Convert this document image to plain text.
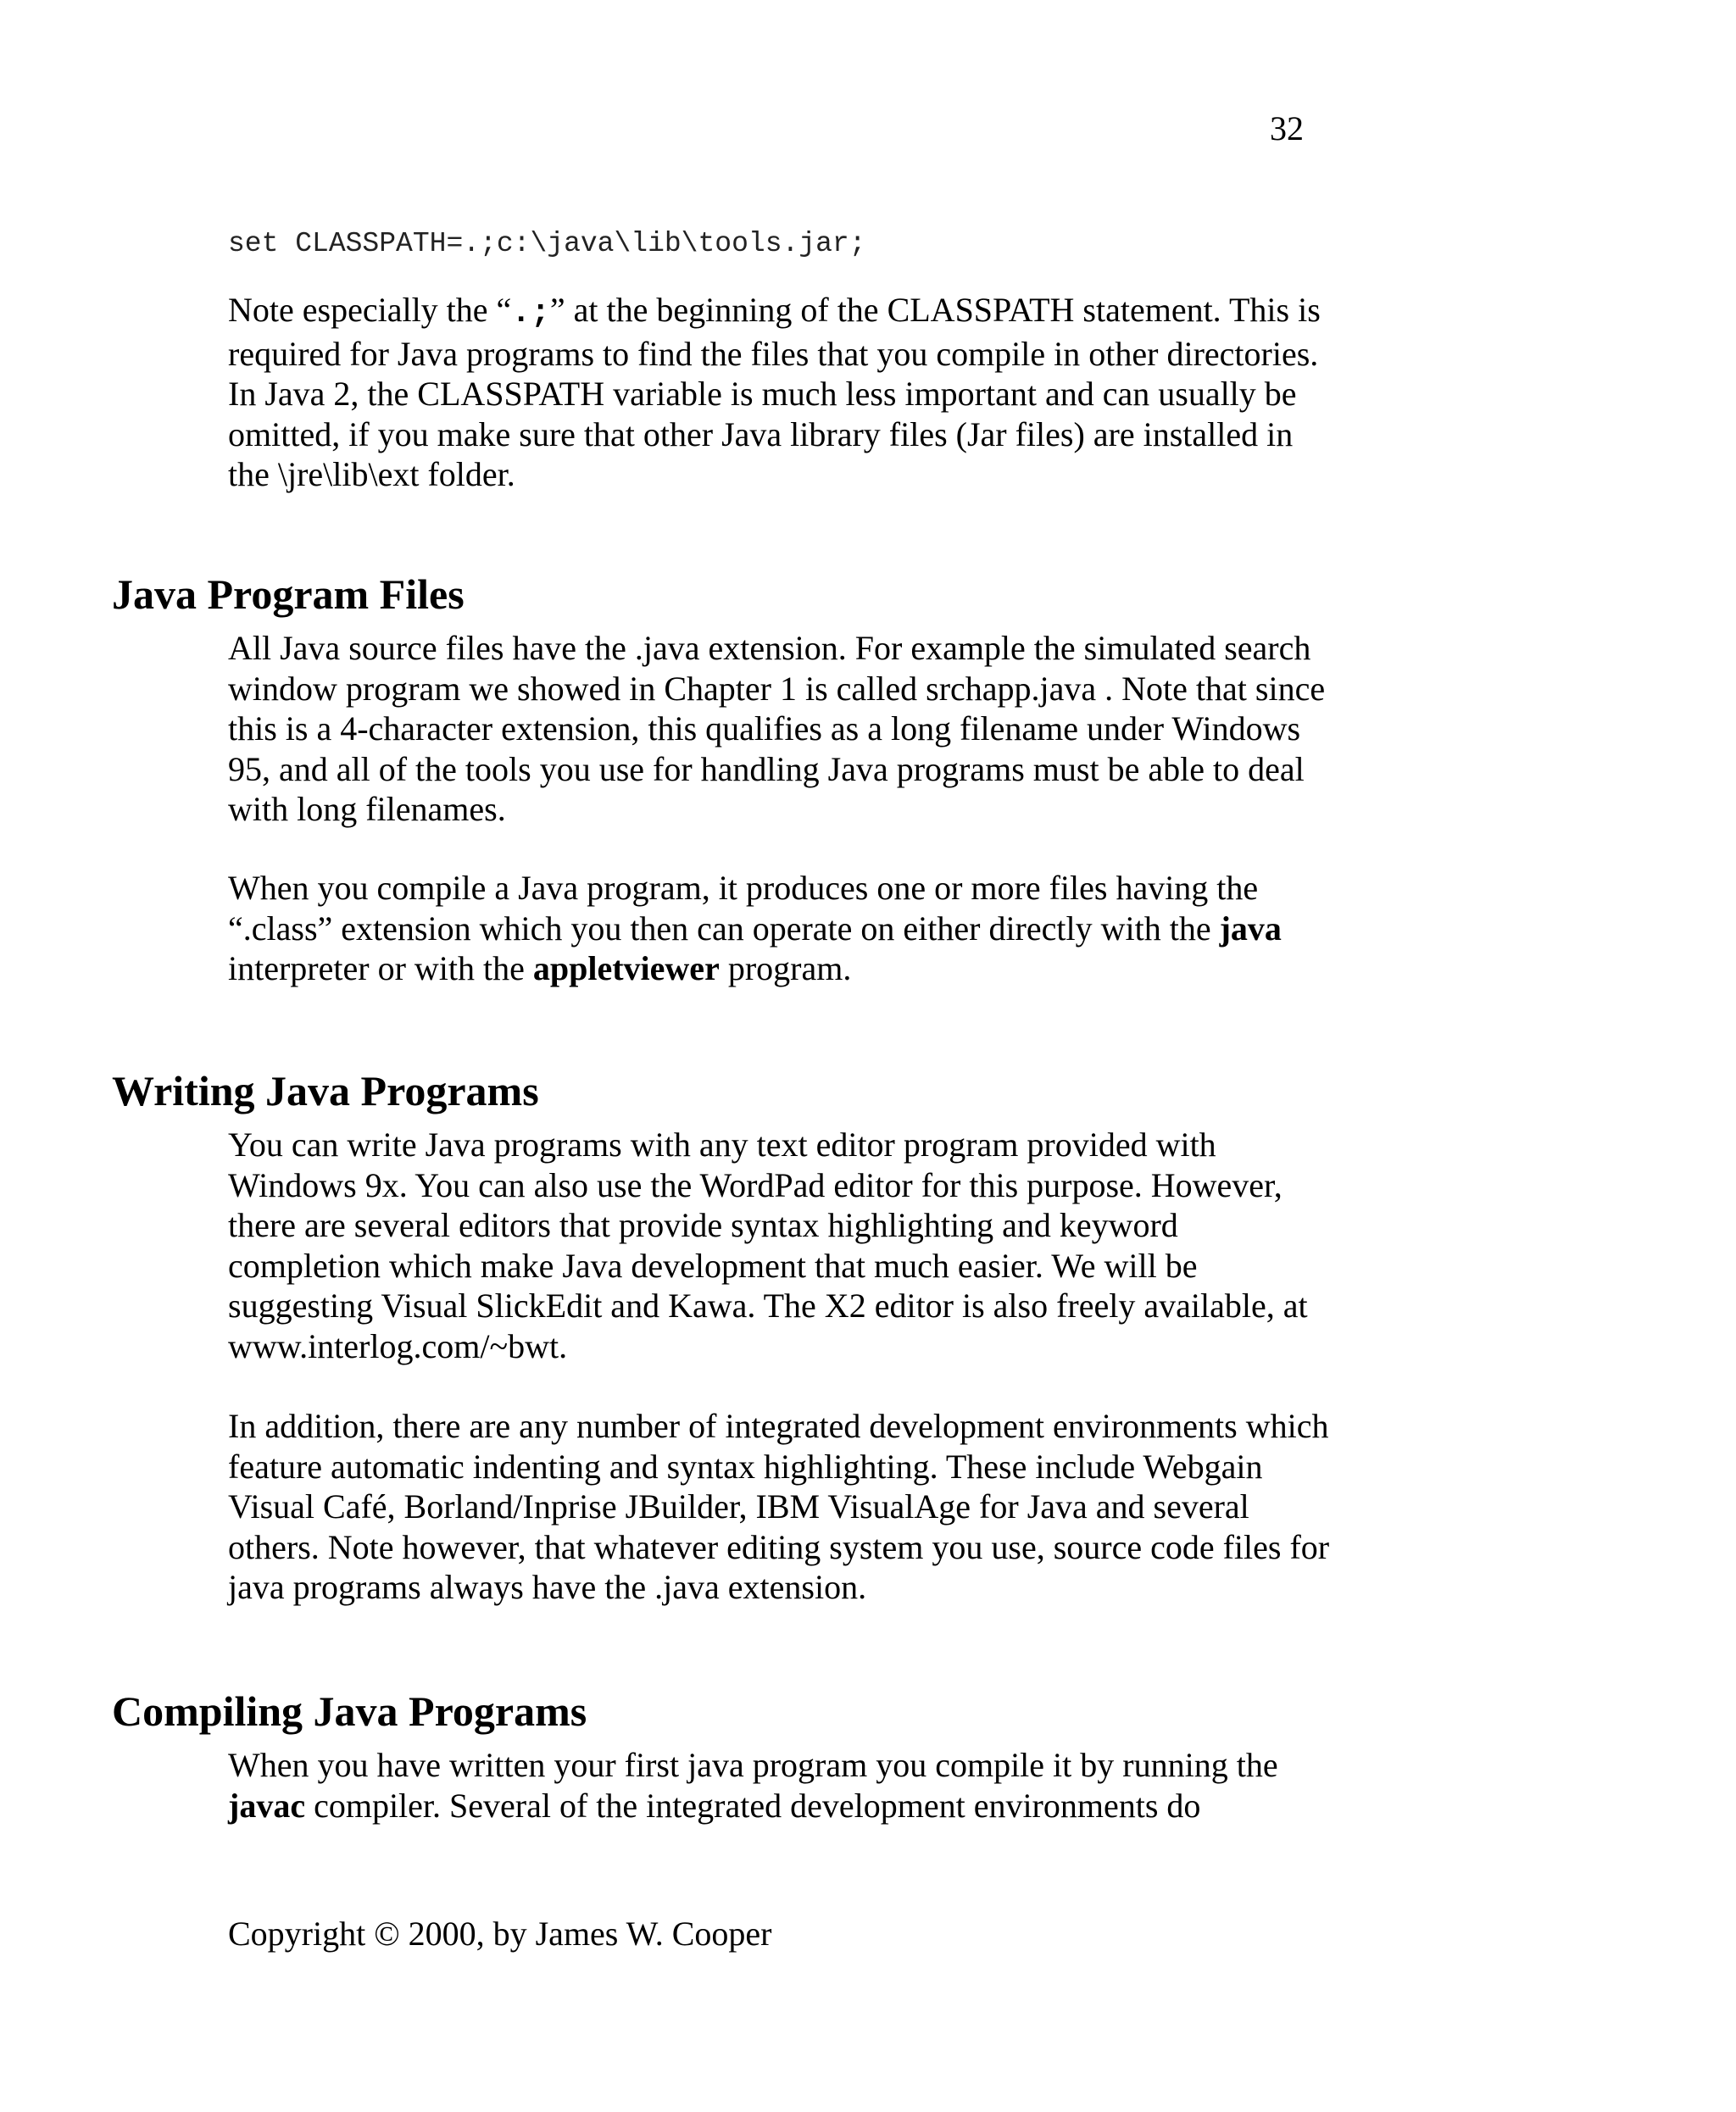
32
set CLASSPATH=.;c:\java\lib\tools.jar;

Note especially the “.;” at the beginning of the CLASSPATH statement. This is required for Java programs to find the files that you compile in other directories. In Java 2, the CLASSPATH variable is much less important and can usually be omitted, if you make sure that other Java library files (Jar files) are installed in the \jre\lib\ext folder.

Java Program Files

All Java source files have the .java extension. For example the simulated search window program we showed in Chapter 1 is called srchapp.java . Note that since this is a 4-character extension, this qualifies as a long filename under Windows 95, and all of the tools you use for handling Java programs must be able to deal with long filenames.

When you compile a Java program, it produces one or more files having the “.class” extension which you then can operate on either directly with the java interpreter or with the appletviewer program.

Writing Java Programs

You can write Java programs with any text editor program provided with Windows 9x. You can also use the WordPad editor for this purpose. However, there are several editors that provide syntax highlighting and keyword completion which make Java development that much easier. We will be suggesting Visual SlickEdit and Kawa. The X2 editor is also freely available, at www.interlog.com/~bwt.

In addition, there are any number of integrated development environments which feature automatic indenting and syntax highlighting. These include Webgain Visual Café, Borland/Inprise JBuilder, IBM VisualAge for Java and several others. Note however, that whatever editing system you use, source code files for java programs always have the .java extension.

Compiling Java Programs

When you have written your first java program you compile it by running the javac compiler. Several of the integrated development environments do

Copyright © 2000, by James W. Cooper
